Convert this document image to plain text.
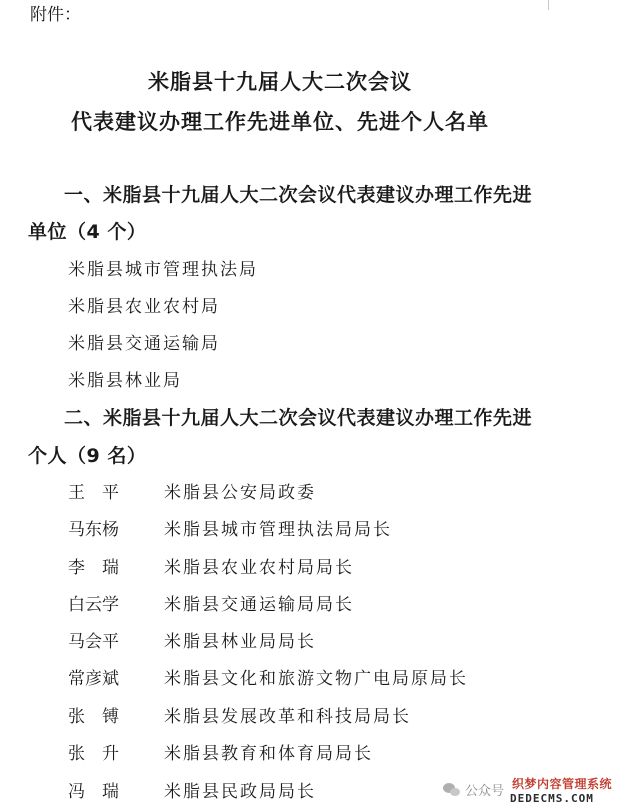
附件：
米脂县十九届人大二次会议
代表建议办理工作先进单位、先进个人名单
一、米脂县十九届人大二次会议代表建议办理工作先进
单位（4 个）
米脂县城市管理执法局
米脂县农业农村局
米脂县交通运输局
米脂县林业局
二、米脂县十九届人大二次会议代表建议办理工作先进
个人（9 名）
王　平	米脂县公安局政委
马东杨	米脂县城市管理执法局局长
李　瑞	米脂县农业农村局局长
白云学	米脂县交通运输局局长
马会平	米脂县林业局局长
常彦斌	米脂县文化和旅游文物广电局原局长
张　镈	米脂县发展改革和科技局局长
张　升	米脂县教育和体育局局长
冯　瑞	米脂县民政局局长	公众号 织梦内容管理系统
DEDECMS.COM
